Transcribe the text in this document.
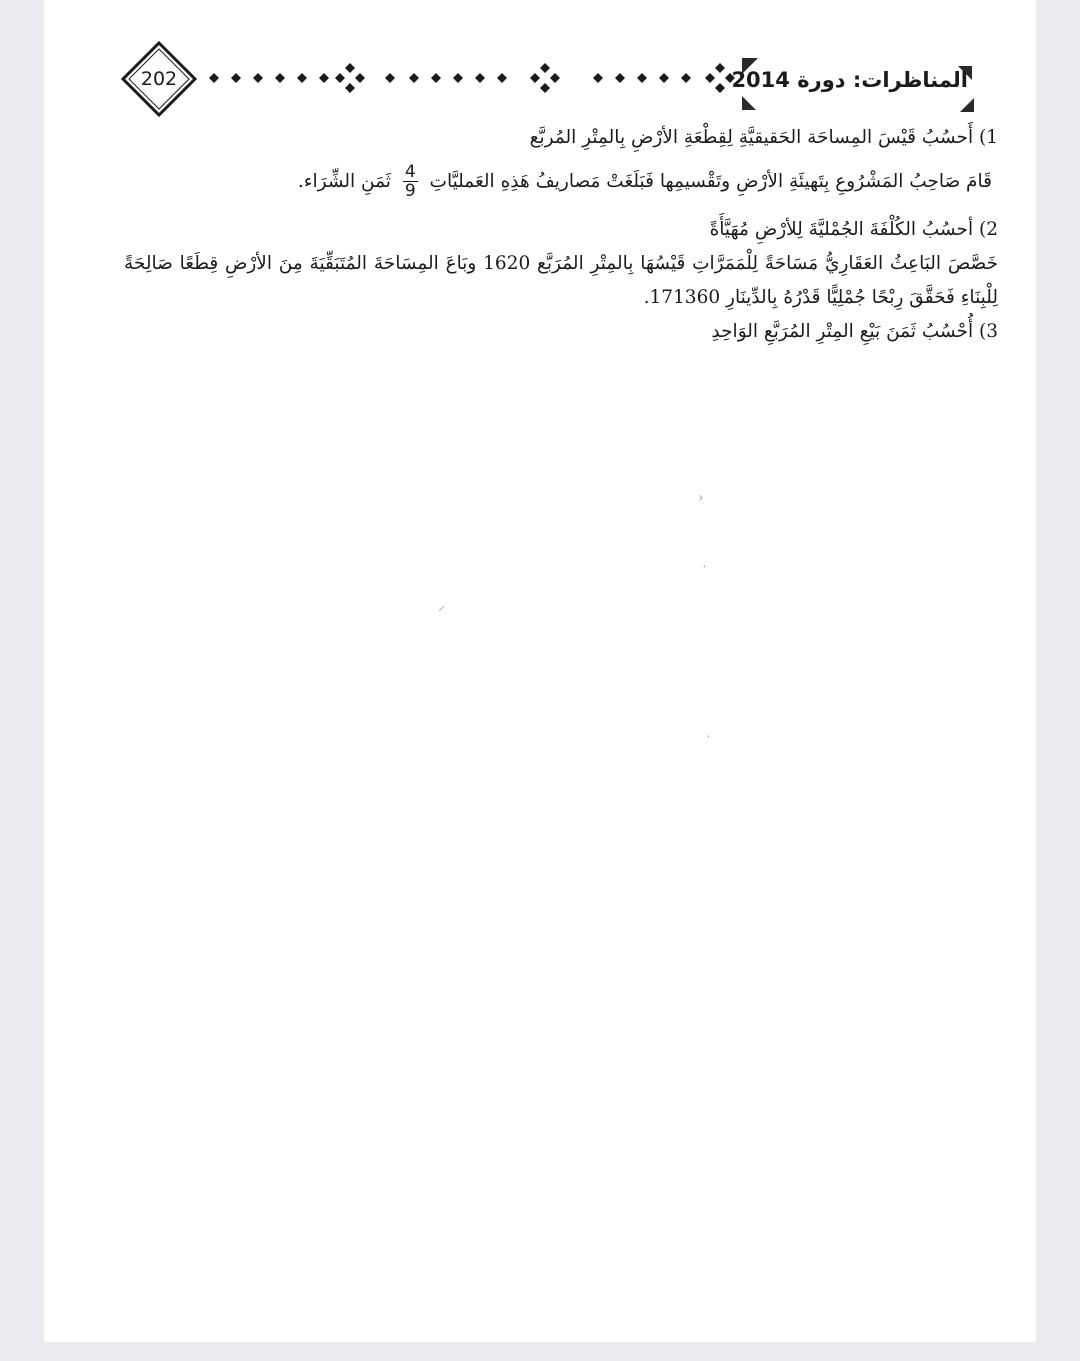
202	المناظرات: دورة 2014
1) أَحسُبُ قَيْسَ المِساحَة الحَقيقيَّةِ لِقِطْعَةِ الأرْضِ بِالمِتْرِ المُربَّع
قَامَ صَاحِبُ المَشْرُوعِ بِتَهيئَةِ الأرْضِ وتَقْسيمِها فَبَلَغَتْ مَصاريفُ هَذِهِ العَمليَّاتِ
$\frac{4}{9}$
ثَمَنِ الشِّرَاء.
2) أحسُبُ الكُلْفَةَ الجُمْليَّةَ لِلأرْضِ مُهَيَّأَةً
خَصَّصَ البَاعِثُ العَقَارِيُّ مَسَاحَةً لِلْمَمَرَّاتِ قَيْسُهَا بِالمِتْرِ المُرَبَّع 1620 وبَاعَ المِسَاحَةَ المُتَبَقِّيَةَ مِنَ الأرْضِ قِطَعًا صَالِحَةً
لِلْبِنَاءِ فَحَقَّقَ رِبْحًا جُمْلِيًّا قَدْرُهُ بِالدِّينَارِ 171360.
3) أُحْسُبُ ثَمَنَ بَيْعِ المِتْرِ المُرَبَّعِ الوَاحِدِ
›
⸝
ˑ
ˑ
